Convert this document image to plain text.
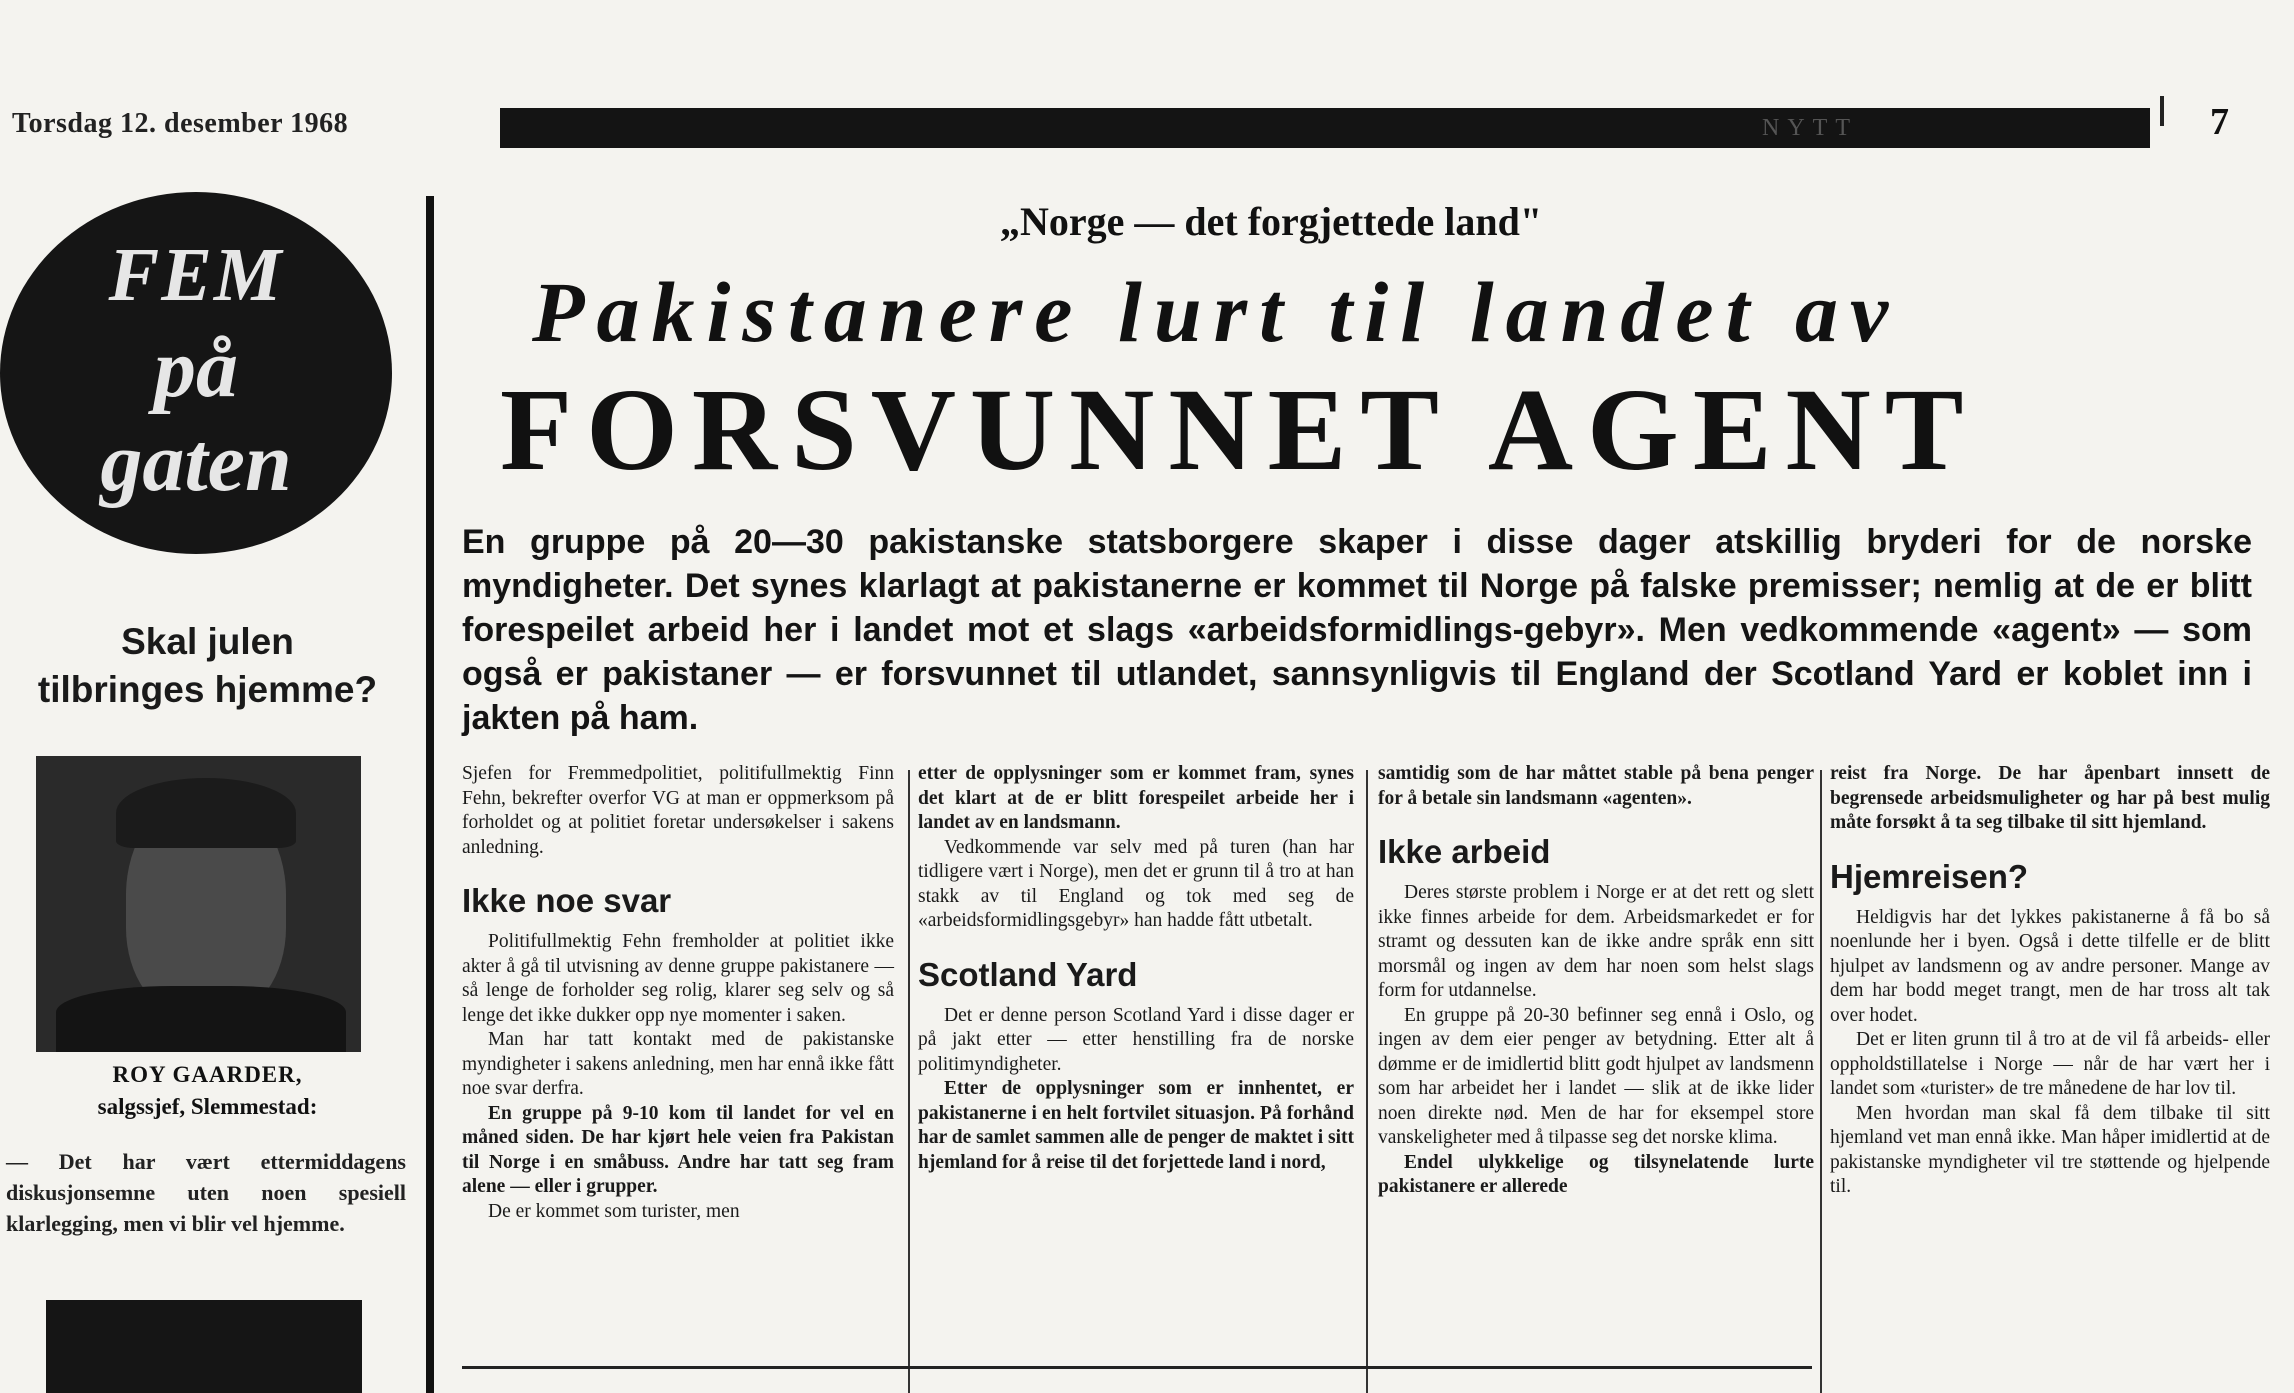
Torsdag 12. desember 1968	NYTT	7
FEM
på
gaten
Skal julen
tilbringes hjemme?
ROY GAARDER,
salgssjef, Slemmestad:
— Det har vært ettermiddagens diskusjonsemne uten noen spesiell klarlegging, men vi blir vel hjemme.
„Norge — det forgjettede land"
Pakistanere lurt til landet av
FORSVUNNET AGENT
En gruppe på 20—30 pakistanske statsborgere skaper i disse dager atskillig bryderi for de norske myndigheter. Det synes klarlagt at pakistanerne er kommet til Norge på falske premisser; nemlig at de er blitt forespeilet arbeid her i landet mot et slags «arbeidsformidlings-gebyr». Men vedkommende «agent» — som også er pakistaner — er forsvunnet til utlandet, sannsynligvis til England der Scotland Yard er koblet inn i jakten på ham.

Sjefen for Fremmedpolitiet, politifullmektig Finn Fehn, bekrefter overfor VG at man er oppmerksom på forholdet og at politiet foretar undersøkelser i sakens anledning.

Ikke noe svar

Politifullmektig Fehn fremholder at politiet ikke akter å gå til utvisning av denne gruppe pakistanere — så lenge de forholder seg rolig, klarer seg selv og så lenge det ikke dukker opp nye momenter i saken.

Man har tatt kontakt med de pakistanske myndigheter i sakens anledning, men har ennå ikke fått noe svar derfra.

En gruppe på 9-10 kom til landet for vel en måned siden. De har kjørt hele veien fra Pakistan til Norge i en småbuss. Andre har tatt seg fram alene — eller i grupper.

De er kommet som turister, men

etter de opplysninger som er kommet fram, synes det klart at de er blitt forespeilet arbeide her i landet av en landsmann.

Vedkommende var selv med på turen (han har tidligere vært i Norge), men det er grunn til å tro at han stakk av til England og tok med seg de «arbeidsformidlingsgebyr» han hadde fått utbetalt.

Scotland Yard

Det er denne person Scotland Yard i disse dager er på jakt etter — etter henstilling fra de norske politimyndigheter.

Etter de opplysninger som er innhentet, er pakistanerne i en helt fortvilet situasjon. På forhånd har de samlet sammen alle de penger de maktet i sitt hjemland for å reise til det forjettede land i nord,

samtidig som de har måttet stable på bena penger for å betale sin landsmann «agenten».

Ikke arbeid

Deres største problem i Norge er at det rett og slett ikke finnes arbeide for dem. Arbeidsmarkedet er for stramt og dessuten kan de ikke andre språk enn sitt morsmål og ingen av dem har noen som helst slags form for utdannelse.

En gruppe på 20-30 befinner seg ennå i Oslo, og ingen av dem eier penger av betydning. Etter alt å dømme er de imidlertid blitt godt hjulpet av landsmenn som har arbeidet her i landet — slik at de ikke lider noen direkte nød. Men de har for eksempel store vanskeligheter med å tilpasse seg det norske klima.

Endel ulykkelige og tilsynelatende lurte pakistanere er allerede

reist fra Norge. De har åpenbart innsett de begrensede arbeidsmuligheter og har på best mulig måte forsøkt å ta seg tilbake til sitt hjemland.

Hjemreisen?

Heldigvis har det lykkes pakistanerne å få bo så noenlunde her i byen. Også i dette tilfelle er de blitt hjulpet av landsmenn og av andre personer. Mange av dem har bodd meget trangt, men de har tross alt tak over hodet.

Det er liten grunn til å tro at de vil få arbeids- eller oppholdstillatelse i Norge — når de har vært her i landet som «turister» de tre månedene de har lov til.

Men hvordan man skal få dem tilbake til sitt hjemland vet man ennå ikke. Man håper imidlertid at de pakistanske myndigheter vil tre støttende og hjelpende til.
